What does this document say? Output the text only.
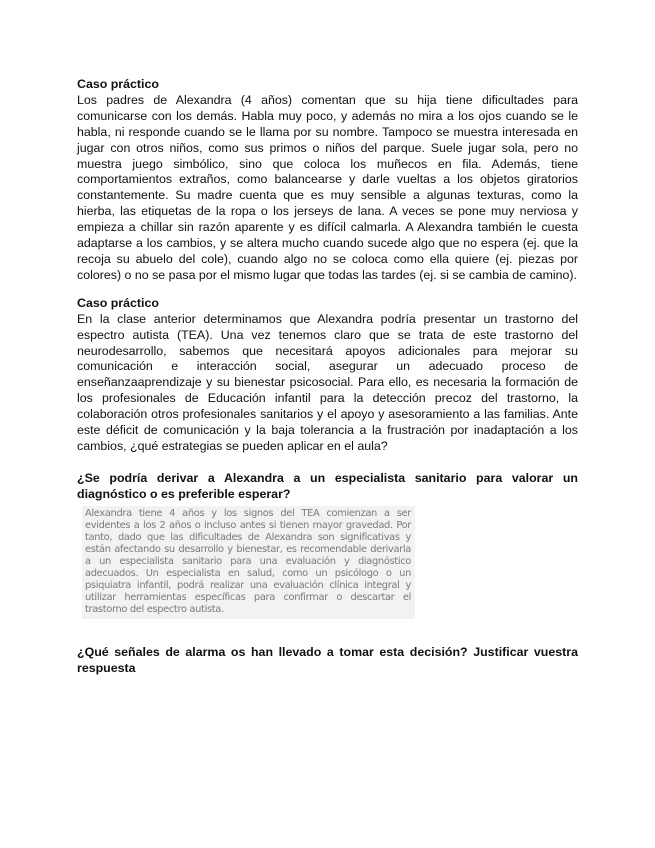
Caso práctico

Los padres de Alexandra (4 años) comentan que su hija tiene dificultades para comunicarse con los demás. Habla muy poco, y además no mira a los ojos cuando se le habla, ni responde cuando se le llama por su nombre. Tampoco se muestra interesada en jugar con otros niños, como sus primos o niños del parque. Suele jugar sola, pero no muestra juego simbólico, sino que coloca los muñecos en fila. Además, tiene comportamientos extraños, como balancearse y darle vueltas a los objetos giratorios constantemente. Su madre cuenta que es muy sensible a algunas texturas, como la hierba, las etiquetas de la ropa o los jerseys de lana. A veces se pone muy nerviosa y empieza a chillar sin razón aparente y es difícil calmarla. A Alexandra también le cuesta adaptarse a los cambios, y se altera mucho cuando sucede algo que no espera (ej. que la recoja su abuelo del cole), cuando algo no se coloca como ella quiere (ej. piezas por colores) o no se pasa por el mismo lugar que todas las tardes (ej. si se cambia de camino).

Caso práctico

En la clase anterior determinamos que Alexandra podría presentar un trastorno del espectro autista (TEA). Una vez tenemos claro que se trata de este trastorno del neurodesarrollo, sabemos que necesitará apoyos adicionales para mejorar su comunicación e interacción social, asegurar un adecuado proceso de enseñanzaaprendizaje y su bienestar psicosocial. Para ello, es necesaria la formación de los profesionales de Educación infantil para la detección precoz del trastorno, la colaboración otros profesionales sanitarios y el apoyo y asesoramiento a las familias. Ante este déficit de comunicación y la baja tolerancia a la frustración por inadaptación a los cambios, ¿qué estrategias se pueden aplicar en el aula?

¿Se podría derivar a Alexandra a un especialista sanitario para valorar un diagnóstico o es preferible esperar?

Alexandra tiene 4 años y los signos del TEA comienzan a ser evidentes a los 2 años o incluso antes si tienen mayor gravedad. Por tanto, dado que las dificultades de Alexandra son significativas y están afectando su desarrollo y bienestar, es recomendable derivarla a un especialista sanitario para una evaluación y diagnóstico adecuados. Un especialista en salud, como un psicólogo o un psiquiatra infantil, podrá realizar una evaluación clínica integral y utilizar herramientas específicas para confirmar o descartar el trastorno del espectro autista.

¿Qué señales de alarma os han llevado a tomar esta decisión? Justificar vuestra respuesta
